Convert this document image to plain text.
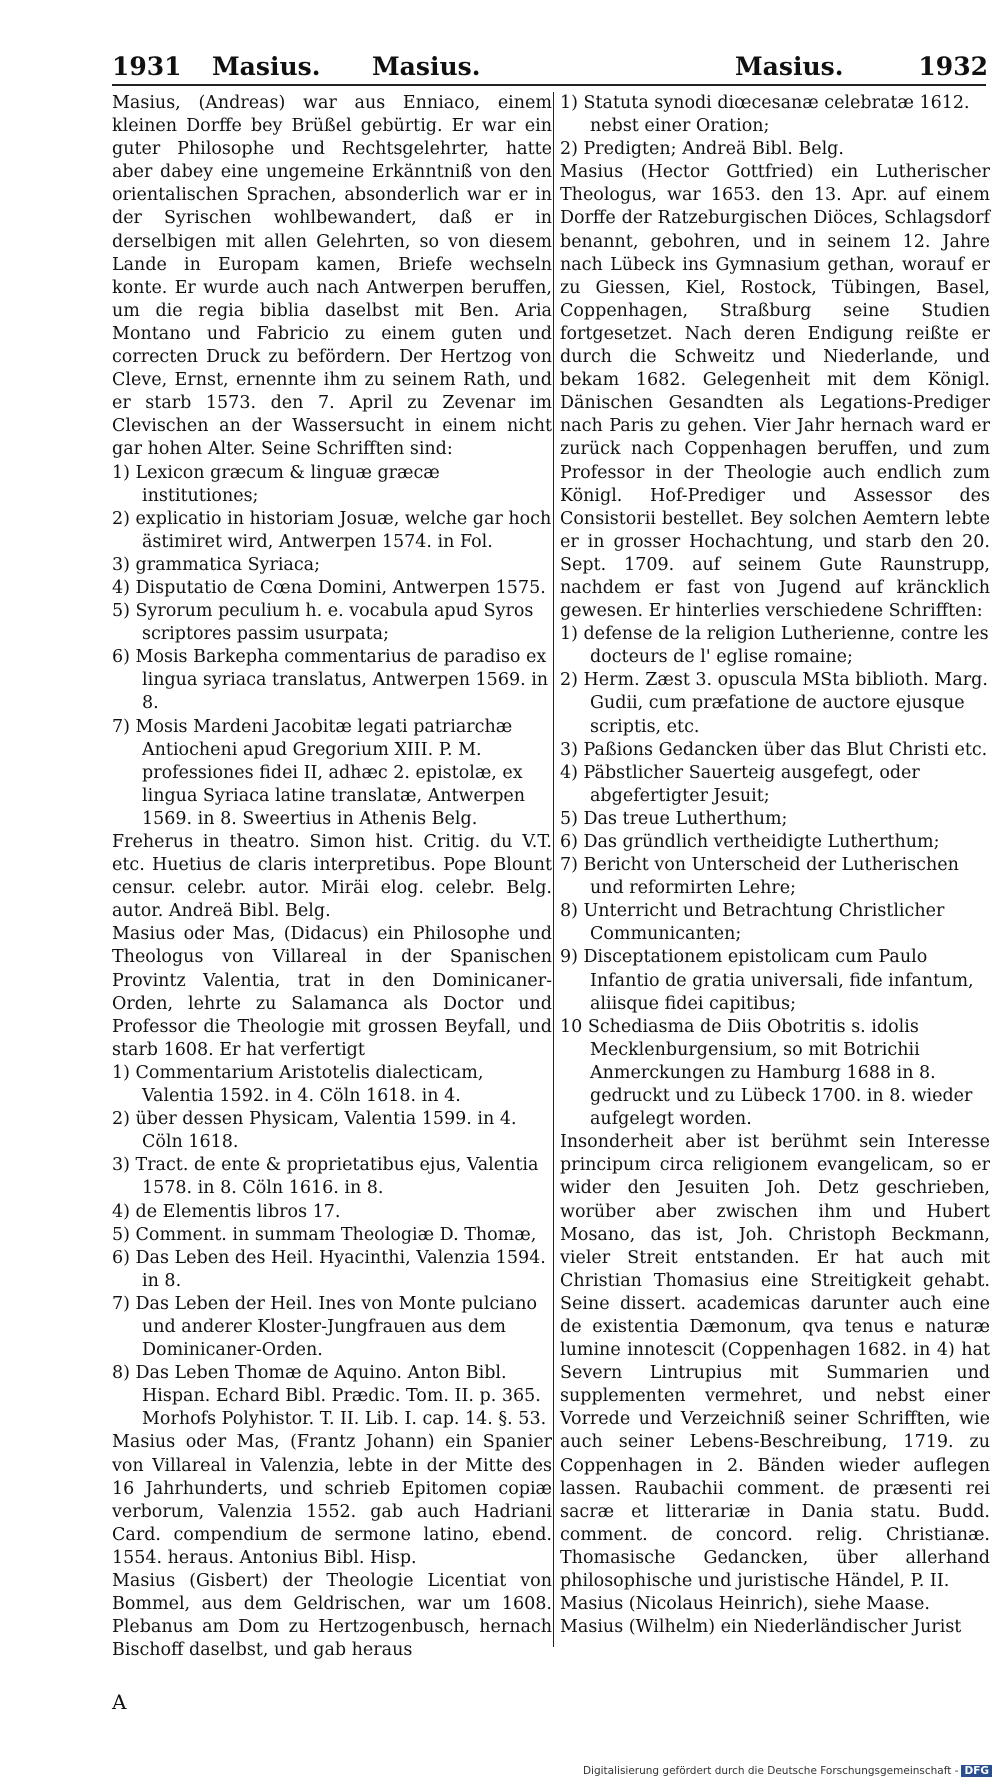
1931 Masius. Masius.	Masius.	1932
Masius, (Andreas) war aus Enniaco, einem kleinen Dorffe bey Brüßel gebürtig. Er war ein guter Philosophe und Rechtsgelehrter, hatte aber dabey eine ungemeine Erkänntniß von den orientalischen Sprachen, absonderlich war er in der Syrischen wohlbewandert, daß er in derselbigen mit allen Gelehrten, so von diesem Lande in Europam kamen, Briefe wechseln konte. Er wurde auch nach Antwerpen beruffen, um die regia biblia daselbst mit Ben. Aria Montano und Fabricio zu einem guten und correcten Druck zu befördern. Der Hertzog von Cleve, Ernst, ernennte ihm zu seinem Rath, und er starb 1573. den 7. April zu Zevenar im Clevischen an der Wassersucht in einem nicht gar hohen Alter. Seine Schrifften sind:
1) Lexicon græcum & linguæ græcæ institutiones;
2) explicatio in historiam Josuæ, welche gar hoch ästimiret wird, Antwerpen 1574. in Fol.
3) grammatica Syriaca;
4) Disputatio de Cœna Domini, Antwerpen 1575.
5) Syrorum peculium h. e. vocabula apud Syros scriptores passim usurpata;
6) Mosis Barkepha commentarius de paradiso ex lingua syriaca translatus, Antwerpen 1569. in 8.
7) Mosis Mardeni Jacobitæ legati patriarchæ Antiocheni apud Gregorium XIII. P. M. professiones fidei II, adhæc 2. epistolæ, ex lingua Syriaca latine translatæ, Antwerpen 1569. in 8. Sweertius in Athenis Belg.
Freherus in theatro. Simon hist. Critig. du V.T. etc. Huetius de claris interpretibus. Pope Blount censur. celebr. autor. Miräi elog. celebr. Belg. autor. Andreä Bibl. Belg.
Masius oder Mas, (Didacus) ein Philosophe und Theologus von Villareal in der Spanischen Provintz Valentia, trat in den Dominicaner-Orden, lehrte zu Salamanca als Doctor und Professor die Theologie mit grossen Beyfall, und starb 1608. Er hat verfertigt
1) Commentarium Aristotelis dialecticam, Valentia 1592. in 4. Cöln 1618. in 4.
2) über dessen Physicam, Valentia 1599. in 4. Cöln 1618.
3) Tract. de ente & proprietatibus ejus, Valentia 1578. in 8. Cöln 1616. in 8.
4) de Elementis libros 17.
5) Comment. in summam Theologiæ D. Thomæ,
6) Das Leben des Heil. Hyacinthi, Valenzia 1594. in 8.
7) Das Leben der Heil. Ines von Monte pulciano und anderer Kloster-Jungfrauen aus dem Dominicaner-Orden.
8) Das Leben Thomæ de Aquino. Anton Bibl. Hispan. Echard Bibl. Prædic. Tom. II. p. 365. Morhofs Polyhistor. T. II. Lib. I. cap. 14. §. 53.
Masius oder Mas, (Frantz Johann) ein Spanier von Villareal in Valenzia, lebte in der Mitte des 16 Jahrhunderts, und schrieb Epitomen copiæ verborum, Valenzia 1552. gab auch Hadriani Card. compendium de sermone latino, ebend. 1554. heraus. Antonius Bibl. Hisp.
Masius (Gisbert) der Theologie Licentiat von Bommel, aus dem Geldrischen, war um 1608. Plebanus am Dom zu Hertzogenbusch, hernach Bischoff daselbst, und gab heraus
1) Statuta synodi diœcesanæ celebratæ 1612. nebst einer Oration;
2) Predigten; Andreä Bibl. Belg.
Masius (Hector Gottfried) ein Lutherischer Theologus, war 1653. den 13. Apr. auf einem Dorffe der Ratzeburgischen Diöces, Schlagsdorf benannt, gebohren, und in seinem 12. Jahre nach Lübeck ins Gymnasium gethan, worauf er zu Giessen, Kiel, Rostock, Tübingen, Basel, Coppenhagen, Straßburg seine Studien fortgesetzet. Nach deren Endigung reißte er durch die Schweitz und Niederlande, und bekam 1682. Gelegenheit mit dem Königl. Dänischen Gesandten als Legations-Prediger nach Paris zu gehen. Vier Jahr hernach ward er zurück nach Coppenhagen beruffen, und zum Professor in der Theologie auch endlich zum Königl. Hof-Prediger und Assessor des Consistorii bestellet. Bey solchen Aemtern lebte er in grosser Hochachtung, und starb den 20. Sept. 1709. auf seinem Gute Raunstrupp, nachdem er fast von Jugend auf kräncklich gewesen. Er hinterlies verschiedene Schrifften:
1) defense de la religion Lutherienne, contre les docteurs de l' eglise romaine;
2) Herm. Zæst 3. opuscula MSta biblioth. Marg. Gudii, cum præfatione de auctore ejusque scriptis, etc.
3) Paßions Gedancken über das Blut Christi etc.
4) Päbstlicher Sauerteig ausgefegt, oder abgefertigter Jesuit;
5) Das treue Lutherthum;
6) Das gründlich vertheidigte Lutherthum;
7) Bericht von Unterscheid der Lutherischen und reformirten Lehre;
8) Unterricht und Betrachtung Christlicher Communicanten;
9) Disceptationem epistolicam cum Paulo Infantio de gratia universali, fide infantum, aliisque fidei capitibus;
10 Schediasma de Diis Obotritis s. idolis Mecklenburgensium, so mit Botrichii Anmerckungen zu Hamburg 1688 in 8. gedruckt und zu Lübeck 1700. in 8. wieder aufgelegt worden.
Insonderheit aber ist berühmt sein Interesse principum circa religionem evangelicam, so er wider den Jesuiten Joh. Detz geschrieben, worüber aber zwischen ihm und Hubert Mosano, das ist, Joh. Christoph Beckmann, vieler Streit entstanden. Er hat auch mit Christian Thomasius eine Streitigkeit gehabt. Seine dissert. academicas darunter auch eine de existentia Dæmonum, qva tenus e naturæ lumine innotescit (Coppenhagen 1682. in 4) hat Severn Lintrupius mit Summarien und supplementen vermehret, und nebst einer Vorrede und Verzeichniß seiner Schrifften, wie auch seiner Lebens-Beschreibung, 1719. zu Coppenhagen in 2. Bänden wieder auflegen lassen. Raubachii comment. de præsenti rei sacræ et litterariæ in Dania statu. Budd. comment. de concord. relig. Christianæ. Thomasische Gedancken, über allerhand philosophische und juristische Händel, P. II.
Masius (Nicolaus Heinrich), siehe Maase.
Masius (Wilhelm) ein Niederländischer Jurist
A
Digitalisierung gefördert durch die Deutsche Forschungsgemeinschaft - DFG
